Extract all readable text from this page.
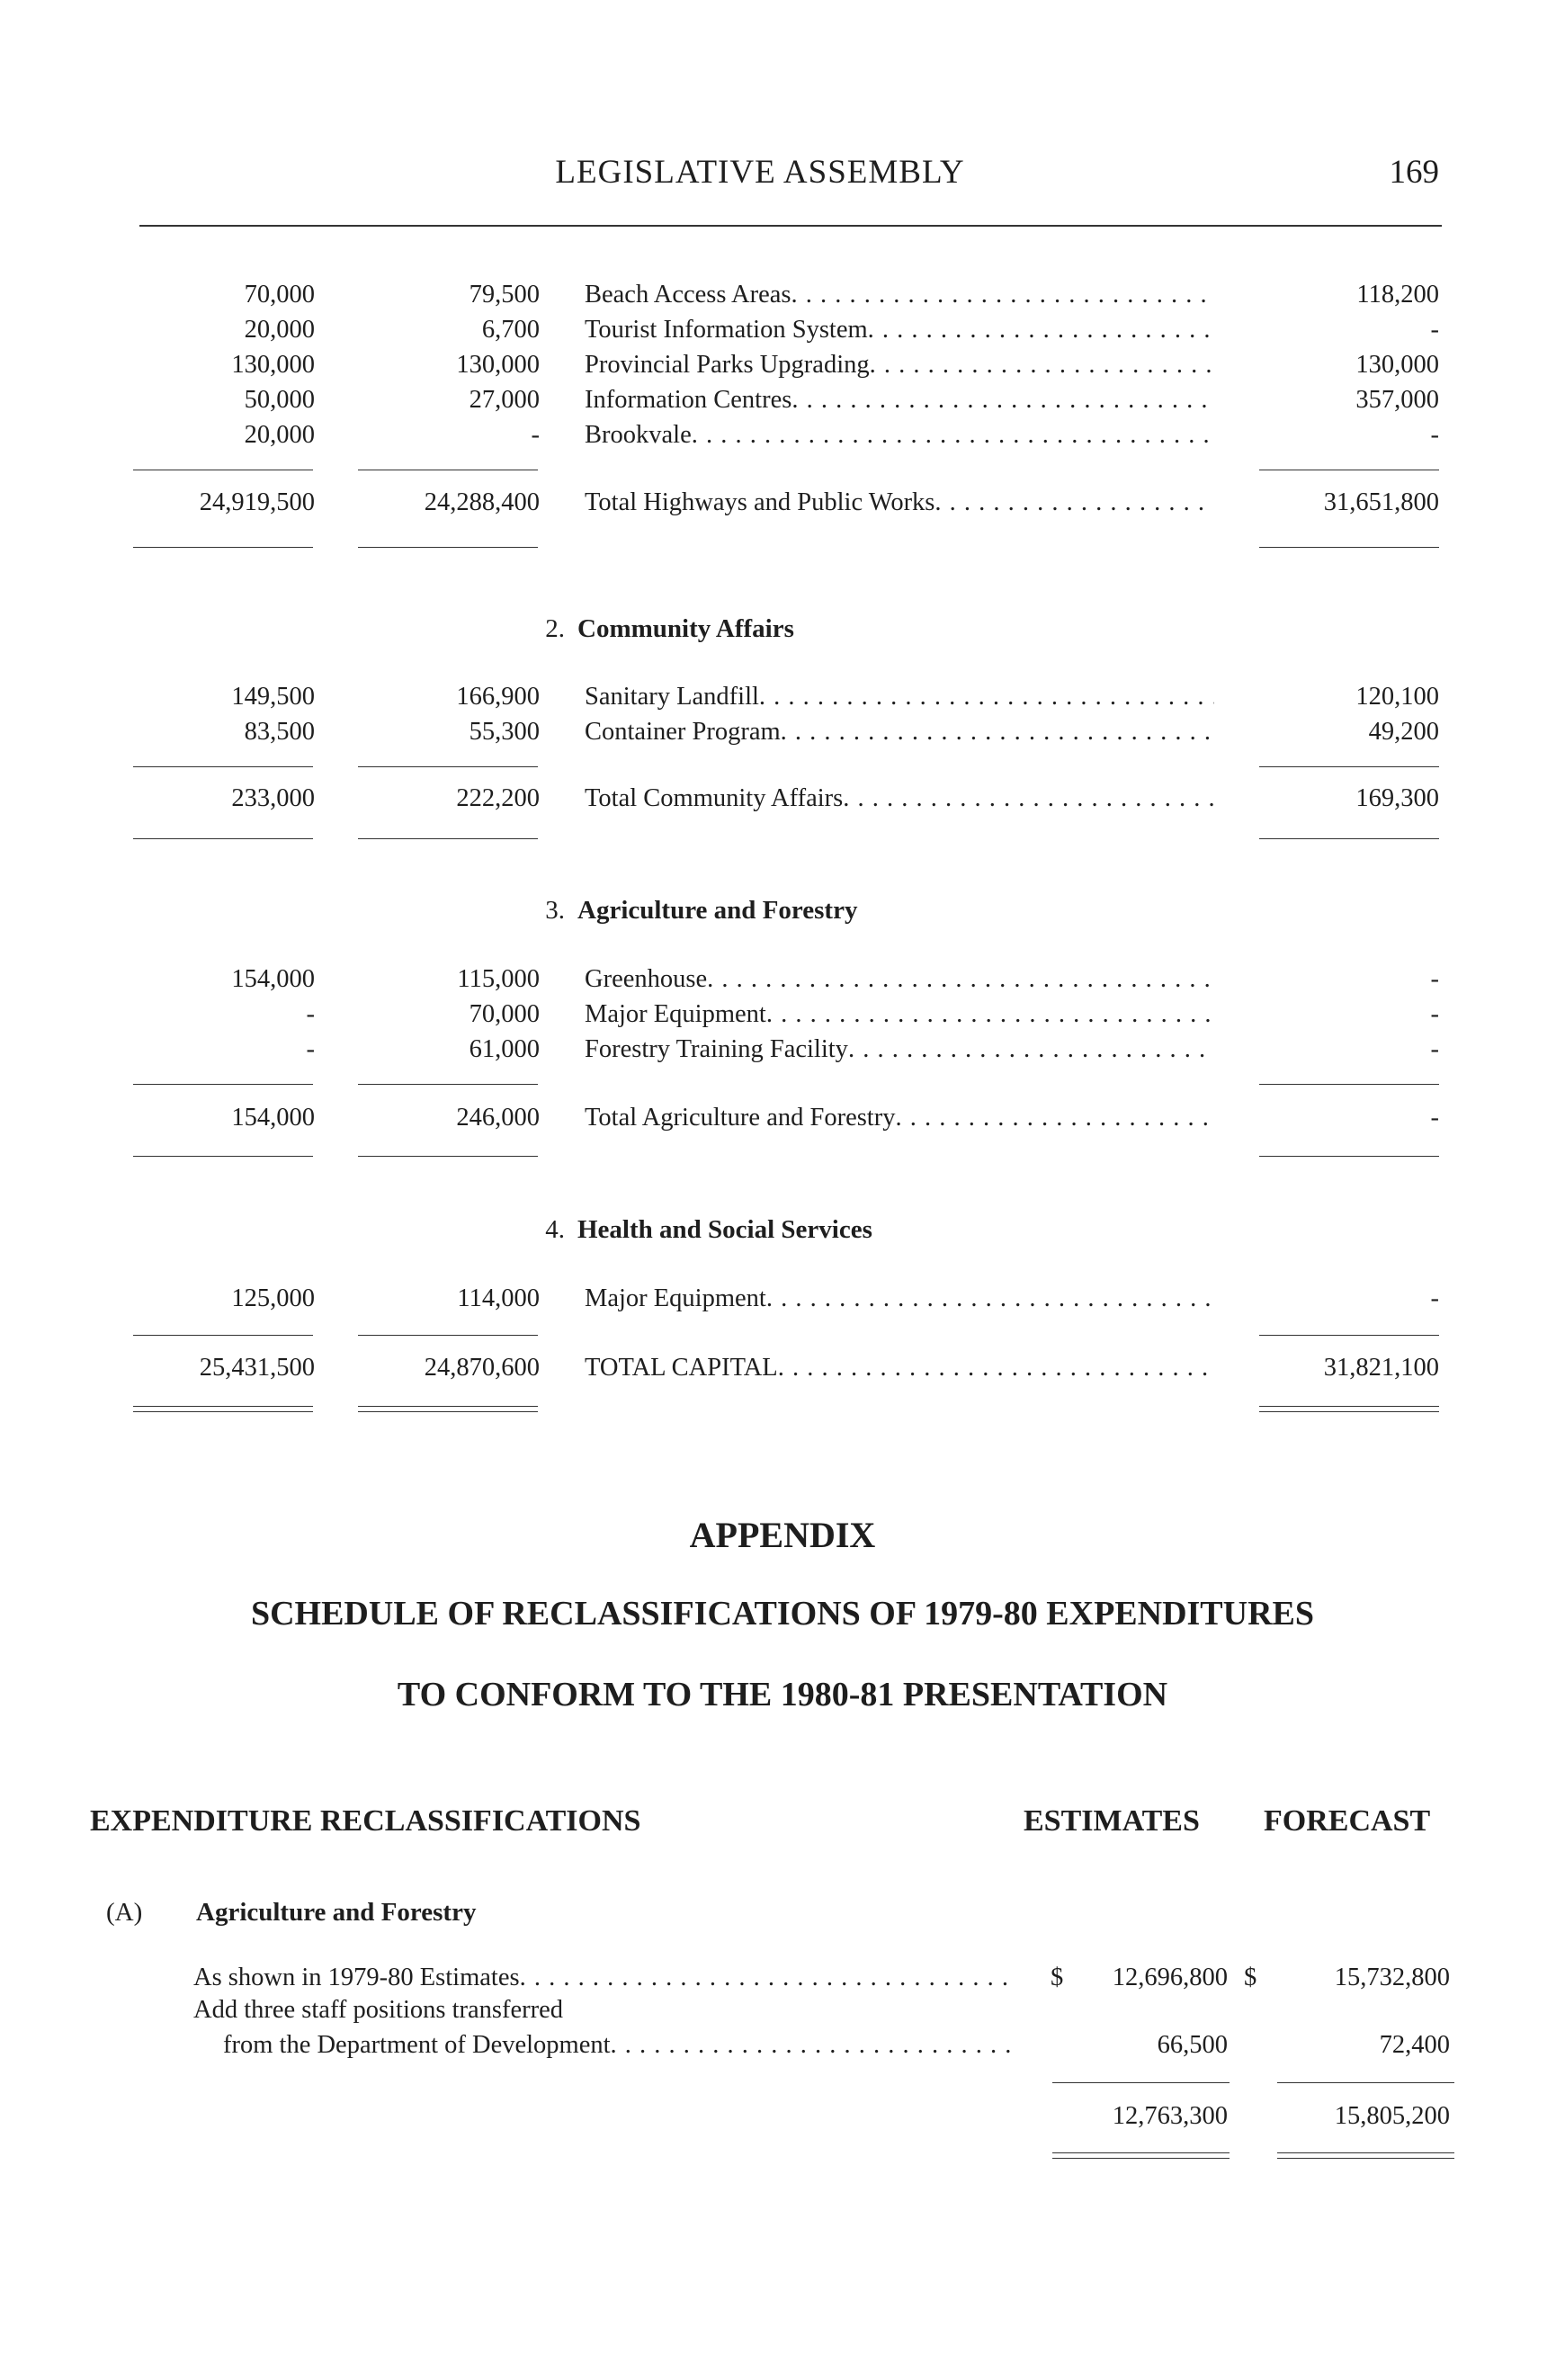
LEGISLATIVE ASSEMBLY	169
70,000	79,500 Beach Access Areas . . .	118,200
20,000	6,700 Tourist Information System . . .	-
130,000	130,000 Provincial Parks Upgrading . . .	130,000
50,000	27,000 Information Centres . . .	357,000
20,000	- Brookvale . . .	-
24,919,500	24,288,400 Total Highways and Public Works . . .	31,651,800
2. Community Affairs
149,500	166,900 Sanitary Landfill . . .	120,100
83,500	55,300 Container Program . . .	49,200
233,000	222,200 Total Community Affairs . . .	169,300
3. Agriculture and Forestry
154,000	115,000 Greenhouse . . .	-
-	70,000 Major Equipment . . .	-
-	61,000 Forestry Training Facility . . .	-
154,000	246,000 Total Agriculture and Forestry . . .	-
4. Health and Social Services
125,000	114,000 Major Equipment . . .	-
25,431,500	24,870,600 TOTAL CAPITAL . . .	31,821,100
APPENDIX
SCHEDULE OF RECLASSIFICATIONS OF 1979-80 EXPENDITURES
TO CONFORM TO THE 1980-81 PRESENTATION
EXPENDITURE RECLASSIFICATIONS	ESTIMATES FORECAST
(A) Agriculture and Forestry
As shown in 1979-80 Estimates . . .	$	12,696,800 $	15,732,800
Add three staff positions transferred
from the Department of Development . . .	66,500	72,400
12,763,300	15,805,200
